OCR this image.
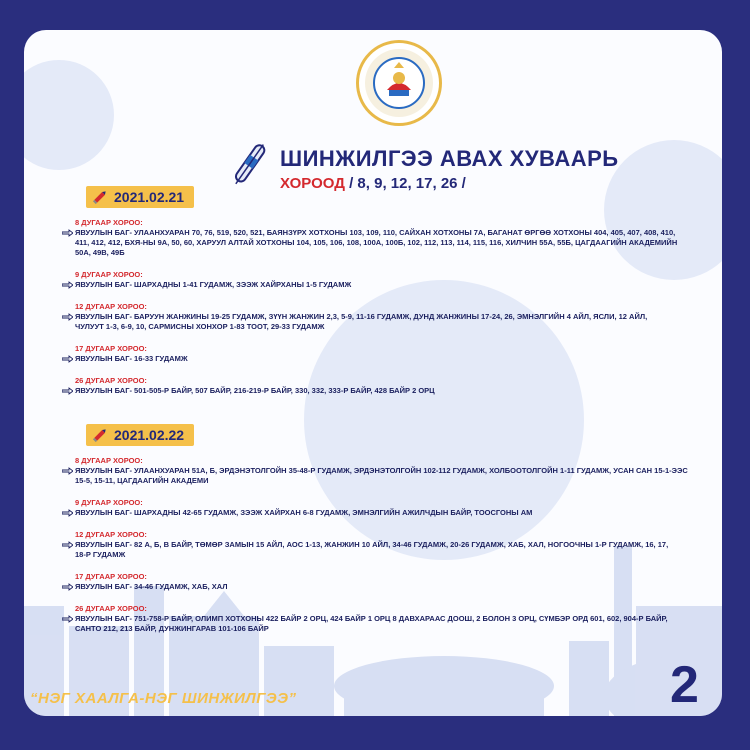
ШИНЖИЛГЭЭ АВАХ ХУВААРЬ
ХОРООД / 8, 9, 12, 17, 26 /
2021.02.21
8 ДУГААР ХОРОО:
ЯВУУЛЫН БАГ- УЛААНХУАРАН 70, 76, 519, 520, 521, БАЯНЗҮРХ ХОТХОНЫ 103, 109, 110, САЙХАН ХОТХОНЫ 7А, БАГАНАТ ӨРГӨӨ ХОТХОНЫ 404, 405, 407, 408, 410,
411, 412, 412, БХЯ-НЫ 9А, 50, 60, ХАРУУЛ АЛТАЙ ХОТХОНЫ 104, 105, 106, 108, 100А, 100Б, 102, 112, 113, 114, 115, 116, ХИЛЧИН 55А, 55Б, ЦАГДААГИЙН АКАДЕМИЙН
50А, 49В, 49Б
9 ДУГААР ХОРОО:
ЯВУУЛЫН БАГ- ШАРХАДНЫ 1-41 ГУДАМЖ, ЗЭЭЖ ХАЙРХАНЫ 1-5 ГУДАМЖ
12 ДУГААР ХОРОО:
ЯВУУЛЫН БАГ- БАРУУН ЖАНЖИНЫ 19-25 ГУДАМЖ, ЗҮҮН ЖАНЖИН 2,3, 5-9, 11-16 ГУДАМЖ, ДУНД ЖАНЖИНЫ 17-24, 26, ЭМНЭЛГИЙН 4 АЙЛ, ЯСЛИ, 12 АЙЛ,
ЧУЛУУТ 1-3, 6-9, 10, САРМИСНЫ ХОНХОР 1-83 ТООТ, 29-33 ГУДАМЖ
17 ДУГААР ХОРОО:
ЯВУУЛЫН БАГ- 16-33 ГУДАМЖ
26 ДУГААР ХОРОО:
ЯВУУЛЫН БАГ- 501-505-Р БАЙР, 507 БАЙР, 216-219-Р БАЙР, 330, 332, 333-Р БАЙР, 428 БАЙР 2 ОРЦ
2021.02.22
8 ДУГААР ХОРОО:
ЯВУУЛЫН БАГ- УЛААНХУАРАН 51А, Б, ЭРДЭНЭТОЛГОЙН 35-48-Р ГУДАМЖ, ЭРДЭНЭТОЛГОЙН 102-112 ГУДАМЖ, ХОЛБООТОЛГОЙН 1-11 ГУДАМЖ, УСАН САН 15-1-ЭЭС
15-5, 15-11, ЦАГДААГИЙН АКАДЕМИ
9 ДУГААР ХОРОО:
ЯВУУЛЫН БАГ- ШАРХАДНЫ 42-65 ГУДАМЖ, ЗЭЭЖ ХАЙРХАН 6-8 ГУДАМЖ, ЭМНЭЛГИЙН АЖИЛЧДЫН БАЙР, ТООСГОНЫ АМ
12 ДУГААР ХОРОО:
ЯВУУЛЫН БАГ- 82 А, Б, В БАЙР, ТӨМӨР ЗАМЫН 15 АЙЛ, АОС 1-13, ЖАНЖИН 10 АЙЛ, 34-46 ГУДАМЖ, 20-26 ГУДАМЖ, ХАБ, ХАЛ, НОГООЧНЫ 1-Р ГУДАМЖ, 16, 17,
18-Р ГУДАМЖ
17 ДУГААР ХОРОО:
ЯВУУЛЫН БАГ- 34-46 ГУДАМЖ, ХАБ, ХАЛ
26 ДУГААР ХОРОО:
ЯВУУЛЫН БАГ- 751-758-Р БАЙР, ОЛИМП ХОТХОНЫ 422 БАЙР 2 ОРЦ, 424 БАЙР 1 ОРЦ 8 ДАВХАРААС ДООШ, 2 БОЛОН 3 ОРЦ, СҮМБЭР ОРД 601, 602, 904-Р БАЙР,
САНТО 212, 213 БАЙР, ДУНЖИНГАРАВ 101-106 БАЙР
“НЭГ ХААЛГА-НЭГ ШИНЖИЛГЭЭ”	2
